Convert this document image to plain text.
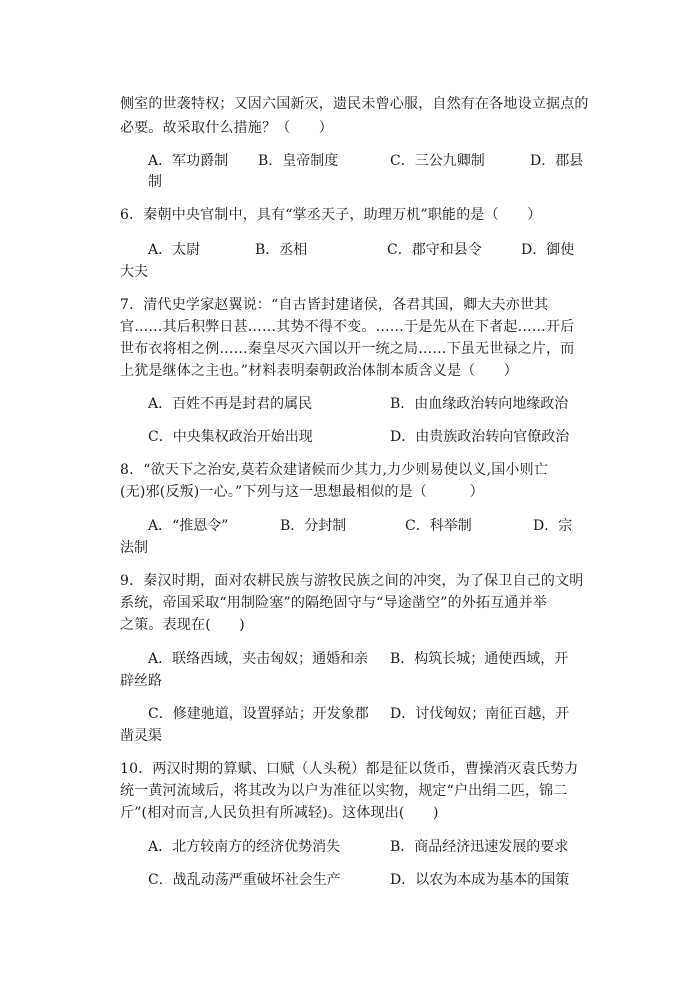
侧室的世袭特权；又因六国新灭，遗民未曾心服，自然有在各地设立据点的
必要。故采取什么措施？（　　）
A．军功爵制 B．皇帝制度	C．三公九卿制	D．郡县
制
6．秦朝中央官制中，具有“掌丞天子，助理万机”职能的是（　　）
A．太尉	B．丞相	C．郡守和县令	D．御使
大夫
7．清代史学家赵翼说：“自古皆封建诸侯，各君其国，卿大夫亦世其
官……其后积弊日甚……其势不得不变。……于是先从在下者起……开后
世布衣将相之例……秦皇尽灭六国以开一统之局……下虽无世禄之片，而
上犹是继体之主也。”材料表明秦朝政治体制本质含义是（　　）
A．百姓不再是封君的属民	B．由血缘政治转向地缘政治
C．中央集权政治开始出现	D．由贵族政治转向官僚政治
8．“欲天下之治安,莫若众建诸候而少其力,力少则易使以义,国小则亡
(无)邪(反叛)一心。”下列与这一思想最相似的是（　　　）
A．“推恩令”	B．分封制	C．科举制	D．宗
法制
9．秦汉时期，面对农耕民族与游牧民族之间的冲突，为了保卫自己的文明
系统，帝国采取“用制险塞”的隔绝固守与“导途凿空”的外拓互通并举
之策。表现在(　　)
A．联络西域，夹击匈奴；通婚和亲 B．构筑长城；通使西域，开
辟丝路
C．修建驰道，设置驿站；开发象郡 D．讨伐匈奴；南征百越，开
凿灵渠
10．两汉时期的算赋、口赋（人头税）都是征以货币，曹操消灭袁氏势力
统一黄河流域后，将其改为以户为准征以实物，规定“户出绢二匹，锦二
斤”(相对而言,人民负担有所减轻)。这体现出(　　)
A．北方较南方的经济优势消失	B．商品经济迅速发展的要求
C．战乱动荡严重破坏社会生产	D．以农为本成为基本的国策
